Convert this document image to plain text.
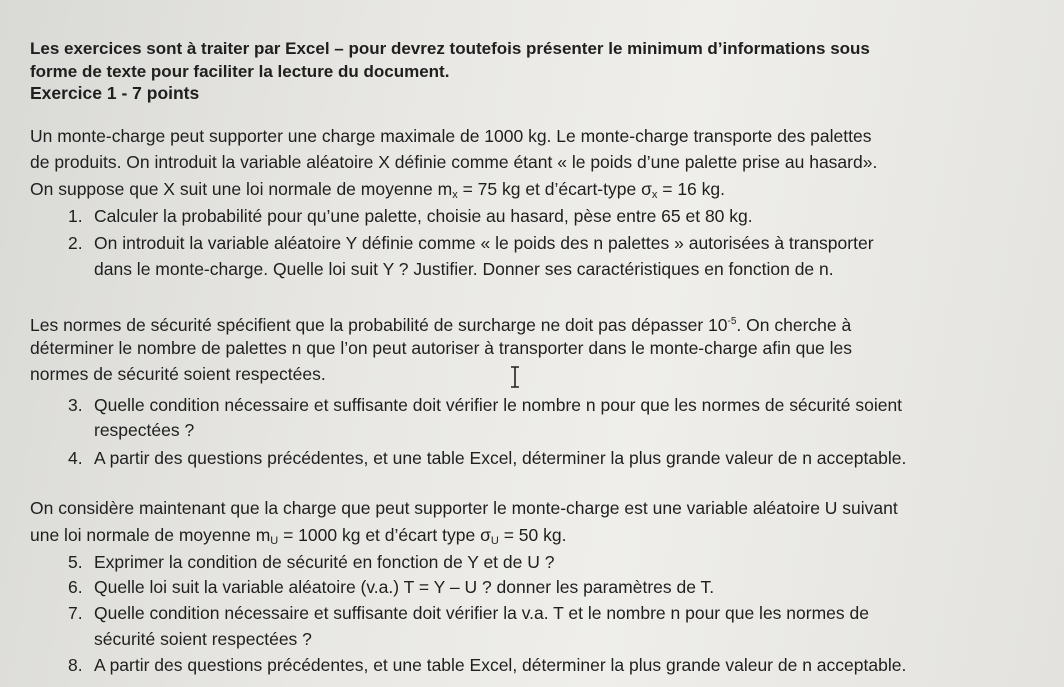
Les exercices sont à traiter par Excel – pour devrez toutefois présenter le minimum d’informations sous
forme de texte pour faciliter la lecture du document.
Exercice 1 - 7 points
Un monte-charge peut supporter une charge maximale de 1000 kg. Le monte-charge transporte des palettes
de produits. On introduit la variable aléatoire X définie comme étant « le poids d’une palette prise au hasard».
On suppose que X suit une loi normale de moyenne $m_x = 75$ kg et d’écart-type $\sigma_x = 16$ kg.
1. Calculer la probabilité pour qu’une palette, choisie au hasard, pèse entre 65 et 80 kg.
2. On introduit la variable aléatoire Y définie comme « le poids des n palettes » autorisées à transporter
dans le monte-charge. Quelle loi suit Y ? Justifier. Donner ses caractéristiques en fonction de n.
Les normes de sécurité spécifient que la probabilité de surcharge ne doit pas dépasser $10^{-5}$. On cherche à
déterminer le nombre de palettes n que l’on peut autoriser à transporter dans le monte-charge afin que les
normes de sécurité soient respectées.
3. Quelle condition nécessaire et suffisante doit vérifier le nombre n pour que les normes de sécurité soient
respectées ?
4. A partir des questions précédentes, et une table Excel, déterminer la plus grande valeur de n acceptable.
On considère maintenant que la charge que peut supporter le monte-charge est une variable aléatoire U suivant
une loi normale de moyenne $m_U = 1000$ kg et d’écart type $\sigma_U = 50$ kg.
5. Exprimer la condition de sécurité en fonction de Y et de U ?
6. Quelle loi suit la variable aléatoire (v.a.) T = Y – U ? donner les paramètres de T.
7. Quelle condition nécessaire et suffisante doit vérifier la v.a. T et le nombre n pour que les normes de
sécurité soient respectées ?
8. A partir des questions précédentes, et une table Excel, déterminer la plus grande valeur de n acceptable.
